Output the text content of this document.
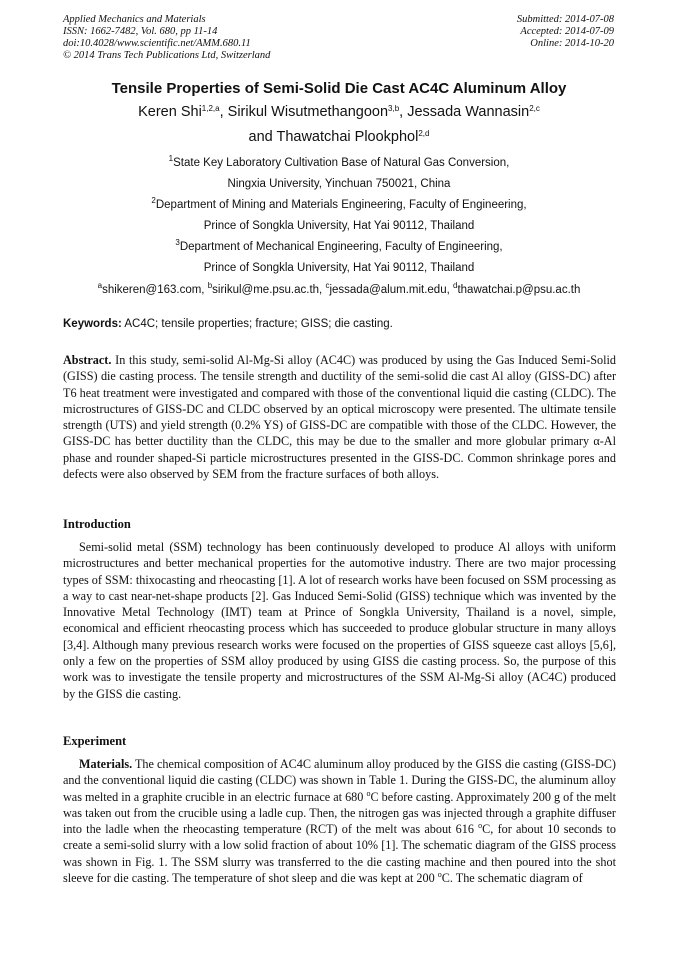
Applied Mechanics and Materials
ISSN: 1662-7482, Vol. 680, pp 11-14
doi:10.4028/www.scientific.net/AMM.680.11
© 2014 Trans Tech Publications Ltd, Switzerland
Submitted: 2014-07-08
Accepted: 2014-07-09
Online: 2014-10-20
Tensile Properties of Semi-Solid Die Cast AC4C Aluminum Alloy
Keren Shi$^{1,2,a}$, Sirikul Wisutmethangoon$^{3,b}$, Jessada Wannasin$^{2,c}$
and Thawatchai Plookphol$^{2,d}$
$^1$State Key Laboratory Cultivation Base of Natural Gas Conversion,
Ningxia University, Yinchuan 750021, China
$^2$Department of Mining and Materials Engineering, Faculty of Engineering,
Prince of Songkla University, Hat Yai 90112, Thailand
$^3$Department of Mechanical Engineering, Faculty of Engineering,
Prince of Songkla University, Hat Yai 90112, Thailand
$^a$shikeren@163.com, $^b$sirikul@me.psu.ac.th, $^c$jessada@alum.mit.edu, $^d$thawatchai.p@psu.ac.th
Keywords: AC4C; tensile properties; fracture; GISS; die casting.
Abstract. In this study, semi-solid Al-Mg-Si alloy (AC4C) was produced by using the Gas Induced Semi-Solid (GISS) die casting process. The tensile strength and ductility of the semi-solid die cast Al alloy (GISS-DC) after T6 heat treatment were investigated and compared with those of the conventional liquid die casting (CLDC). The microstructures of GISS-DC and CLDC observed by an optical microscopy were presented. The ultimate tensile strength (UTS) and yield strength (0.2% YS) of GISS-DC are compatible with those of the CLDC. However, the GISS-DC has better ductility than the CLDC, this may be due to the smaller and more globular primary α-Al phase and rounder shaped-Si particle microstructures presented in the GISS-DC. Common shrinkage pores and defects were also observed by SEM from the fracture surfaces of both alloys.
Introduction
Semi-solid metal (SSM) technology has been continuously developed to produce Al alloys with uniform microstructures and better mechanical properties for the automotive industry. There are two major processing types of SSM: thixocasting and rheocasting [1]. A lot of research works have been focused on SSM processing as a way to cast near-net-shape products [2]. Gas Induced Semi-Solid (GISS) technique which was invented by the Innovative Metal Technology (IMT) team at Prince of Songkla University, Thailand is a novel, simple, economical and efficient rheocasting process which has succeeded to produce globular structure in many alloys [3,4]. Although many previous research works were focused on the properties of GISS squeeze cast alloys [5,6], only a few on the properties of SSM alloy produced by using GISS die casting process. So, the purpose of this work was to investigate the tensile property and microstructures of the SSM Al-Mg-Si alloy (AC4C) produced by the GISS die casting.
Experiment
Materials. The chemical composition of AC4C aluminum alloy produced by the GISS die casting (GISS-DC) and the conventional liquid die casting (CLDC) was shown in Table 1. During the GISS-DC, the aluminum alloy was melted in a graphite crucible in an electric furnace at 680 $^o$C before casting. Approximately 200 g of the melt was taken out from the crucible using a ladle cup. Then, the nitrogen gas was injected through a graphite diffuser into the ladle when the rheocasting temperature (RCT) of the melt was about 616 $^o$C, for about 10 seconds to create a semi-solid slurry with a low solid fraction of about 10% [1]. The schematic diagram of the GISS process was shown in Fig. 1. The SSM slurry was transferred to the die casting machine and then poured into the shot sleeve for die casting. The temperature of shot sleep and die was kept at 200 $^o$C. The schematic diagram of
